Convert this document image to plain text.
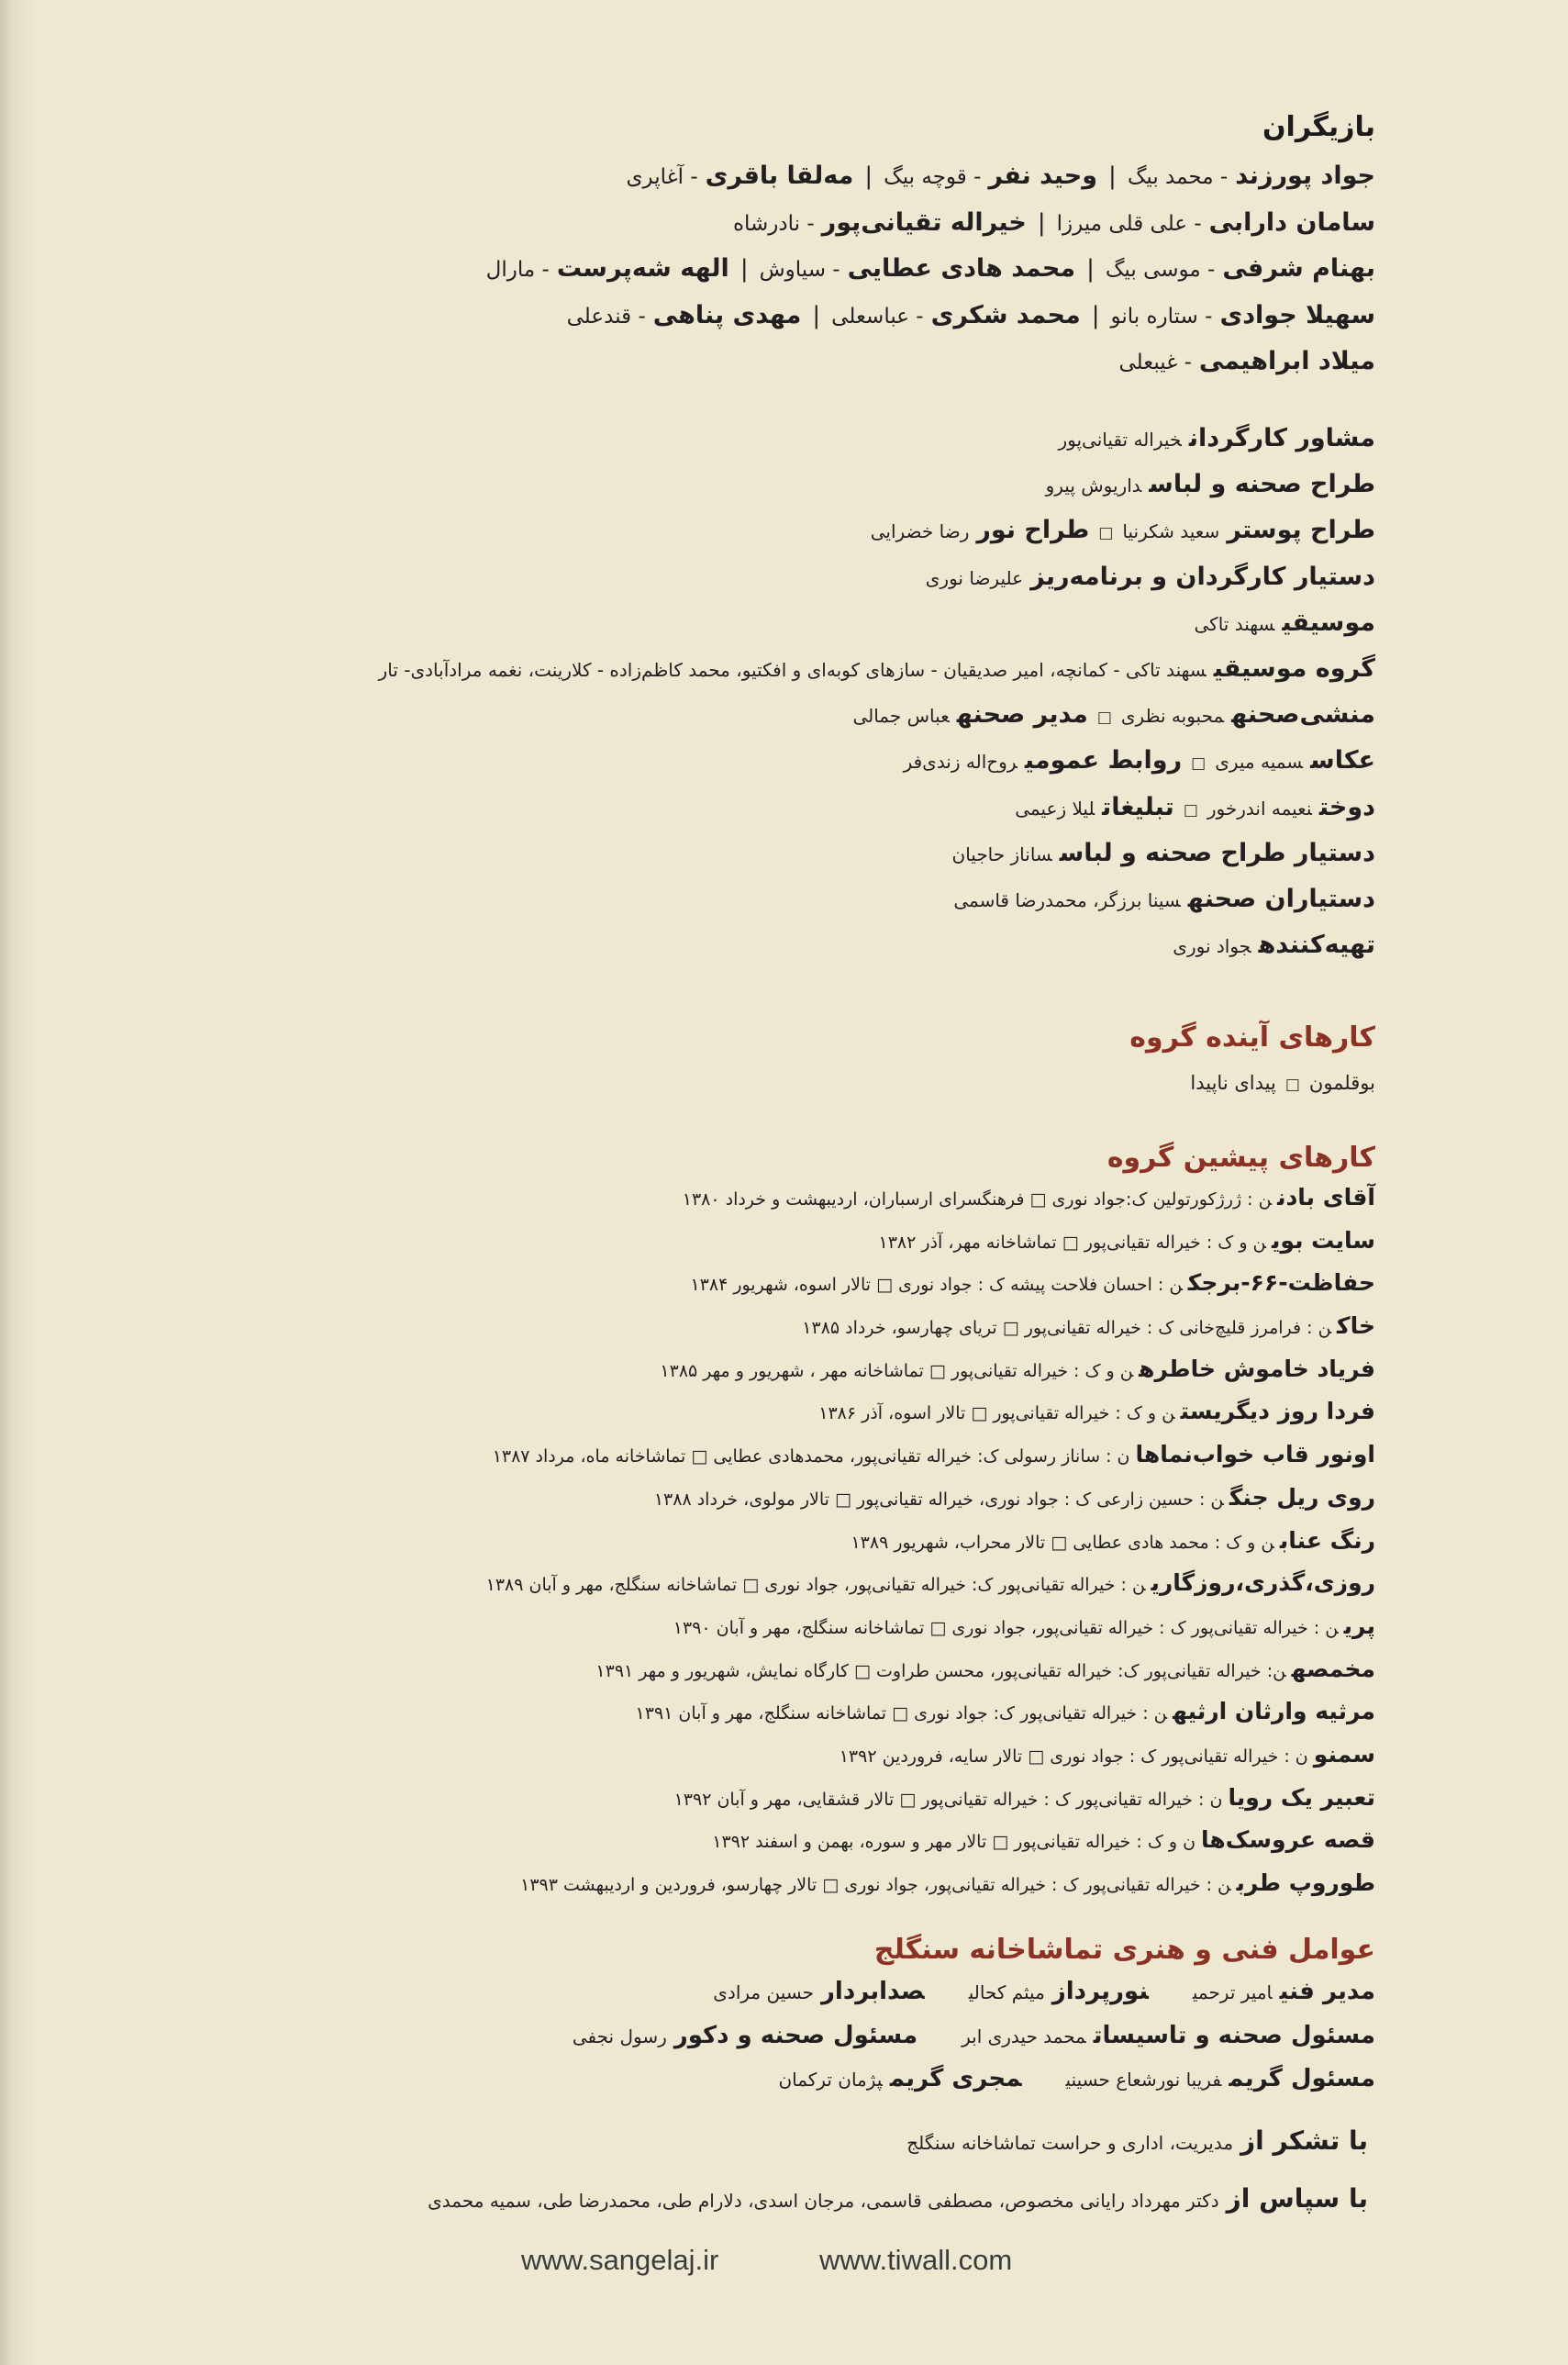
بازیگران
جواد پورزند- محمد بیگ|وحید نفر- قوچه بیگ|مه‌لقا باقری- آغاپری
سامان دارابی- علی قلی میرزا|خیراله تقیانی‌پور- نادرشاه
بهنام شرفی- موسی بیگ|محمد هادی عطایی- سیاوش|الهه شه‌پرست- مارال
سهیلا جوادی- ستاره بانو|محمد شکری- عباسعلی|مهدی پناهی- قندعلی
میلاد ابراهیمی- غیبعلی
مشاور کارگردانخیراله تقیانی‌پور
طراح صحنه و لباسداریوش پیرو
طراح پوسترسعید شکرنیا□طراح نوررضا خضرایی
دستیار کارگردان و برنامه‌ریزعلیرضا نوری
موسیقیسهند تاکی
گروه موسیقیسهند تاکی - کمانچه، امیر صدیقیان - سازهای کوبه‌ای و افکتیو، محمد کاظم‌زاده - کلارینت، نغمه مرادآبادی- تار
منشی‌صحنهمحبوبه نظری□مدیر صحنهعباس جمالی
عکاسسمیه میری□روابط عمومیروح‌اله زندی‌فر
دوختنعیمه اندرخور□تبلیغاتلیلا زعیمی
دستیار طراح صحنه و لباسساناز حاجیان
دستیاران صحنهسینا برزگر، محمدرضا قاسمی
تهیه‌کنندهجواد نوری
کارهای آینده گروه
بوقلمون□پیدای ناپیدا
کارهای پیشین گروه
آقای بادنن : ژرژکورتولین ک:جواد نوری □ فرهنگسرای ارسباران، اردیبهشت و خرداد ۱۳۸۰
سایت بوین و ک : خیراله تقیانی‌پور □ تماشاخانه مهر، آذر ۱۳۸۲
حفاظت-۶۶-برجکن : احسان فلاحت پیشه ک : جواد نوری □ تالار اسوه، شهریور ۱۳۸۴
خاکن : فرامرز قلیچ‌خانی ک : خیراله تقیانی‌پور □ تریای چهارسو، خرداد ۱۳۸۵
فریاد خاموش خاطرهن و ک : خیراله تقیانی‌پور □ تماشاخانه مهر ، شهریور و مهر ۱۳۸۵
فردا روز دیگریستن و ک : خیراله تقیانی‌پور □ تالار اسوه، آذر ۱۳۸۶
اونور قاب خواب‌نماهان : ساناز رسولی ک: خیراله تقیانی‌پور، محمدهادی عطایی □ تماشاخانه ماه، مرداد ۱۳۸۷
روی ریل جنگن : حسین زارعی ک : جواد نوری، خیراله تقیانی‌پور □ تالار مولوی، خرداد ۱۳۸۸
رنگ عنابن و ک : محمد هادی عطایی □ تالار محراب، شهریور ۱۳۸۹
روزی،گذری،روزگارین : خیراله تقیانی‌پور ک: خیراله تقیانی‌پور، جواد نوری □ تماشاخانه سنگلج، مهر و آبان ۱۳۸۹
پرین : خیراله تقیانی‌پور ک : خیراله تقیانی‌پور، جواد نوری □ تماشاخانه سنگلج، مهر و آبان ۱۳۹۰
مخمصهن: خیراله تقیانی‌پور ک: خیراله تقیانی‌پور، محسن طراوت □ کارگاه نمایش، شهریور و مهر ۱۳۹۱
مرثیه وارثان ارثیهن : خیراله تقیانی‌پور ک: جواد نوری □ تماشاخانه سنگلج، مهر و آبان ۱۳۹۱
سمنون : خیراله تقیانی‌پور ک : جواد نوری □ تالار سایه، فروردین ۱۳۹۲
تعبیر یک رویان : خیراله تقیانی‌پور ک : خیراله تقیانی‌پور □ تالار قشقایی، مهر و آبان ۱۳۹۲
قصه عروسک‌هان و ک : خیراله تقیانی‌پور □ تالار مهر و سوره، بهمن و اسفند ۱۳۹۲
طوروپ طربن : خیراله تقیانی‌پور ک : خیراله تقیانی‌پور، جواد نوری □ تالار چهارسو، فروردین و اردیبهشت ۱۳۹۳
عوامل فنی و هنری تماشاخانه سنگلج
مدیر فنیامیر ترحمینورپردازمیثم کحالیصدابردارحسین مرادی
مسئول صحنه و تاسیساتمحمد حیدری ابرمسئول صحنه و دکوررسول نجفی
مسئول گریمفریبا نورشعاع حسینیمجری گریمپژمان ترکمان
با تشکر ازمدیریت، اداری و حراست تماشاخانه سنگلج
با سپاس ازدکتر مهرداد رایانی مخصوص، مصطفی قاسمی، مرجان اسدی، دلارام طی، محمدرضا طی، سمیه محمدی
www.sangelaj.ir	www.tiwall.com
